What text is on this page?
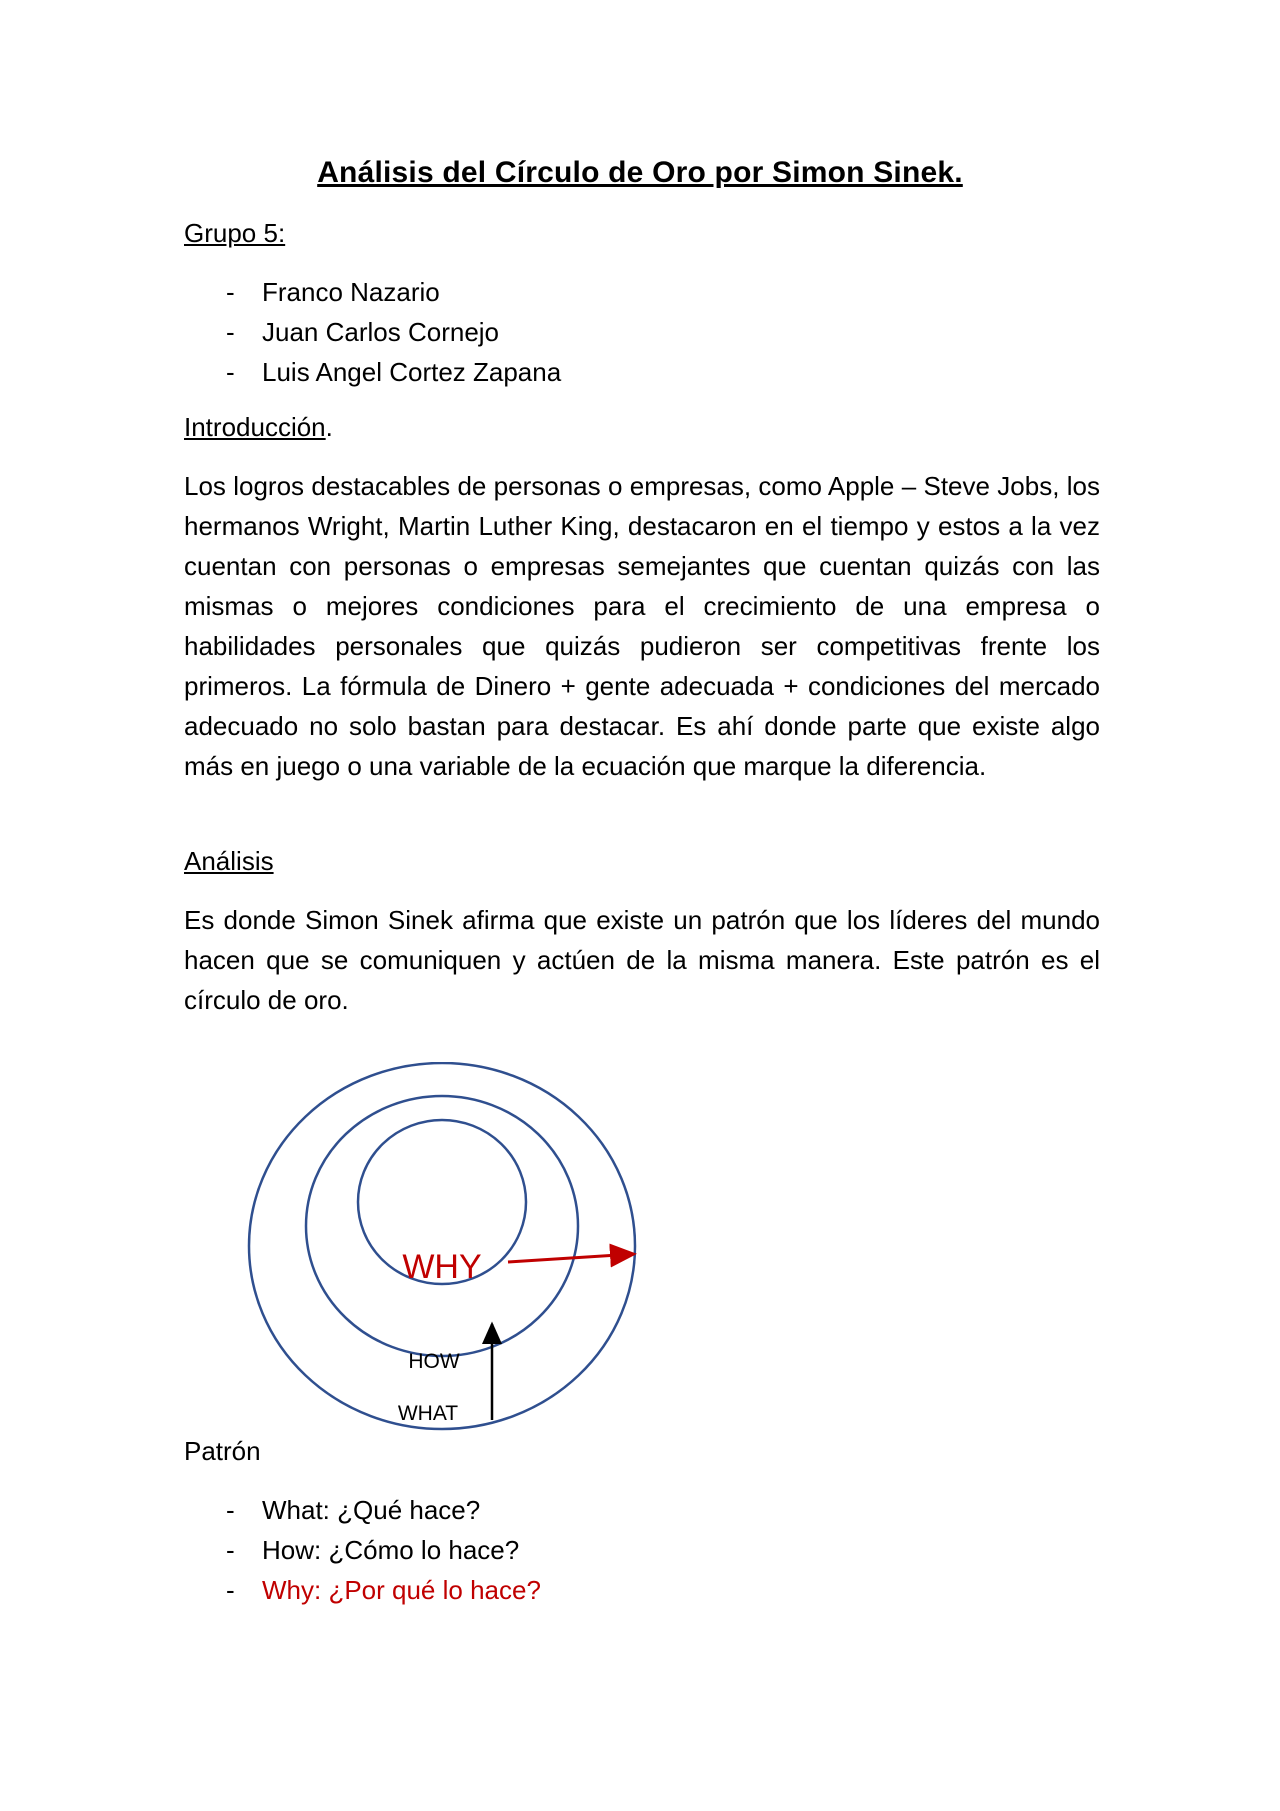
Análisis del Círculo de Oro por Simon Sinek.
Grupo 5:
- Franco Nazario
- Juan Carlos Cornejo
- Luis Angel Cortez Zapana
Introducción.
Los logros destacables de personas o empresas, como Apple – Steve Jobs, los hermanos Wright, Martin Luther King, destacaron en el tiempo y estos a la vez cuentan con personas o empresas semejantes que cuentan quizás con las mismas o mejores condiciones para el crecimiento de una empresa o habilidades personales que quizás pudieron ser competitivas frente los primeros. La fórmula de Dinero + gente adecuada + condiciones del mercado adecuado no solo bastan para destacar. Es ahí donde parte que existe algo más en juego o una variable de la ecuación que marque la diferencia.
Análisis
Es donde Simon Sinek afirma que existe un patrón que los líderes del mundo hacen que se comuniquen y actúen de la misma manera. Este patrón es el círculo de oro.
WHY
HOW
WHAT
Patrón
- What: ¿Qué hace?
- How: ¿Cómo lo hace?
- Why: ¿Por qué lo hace?
